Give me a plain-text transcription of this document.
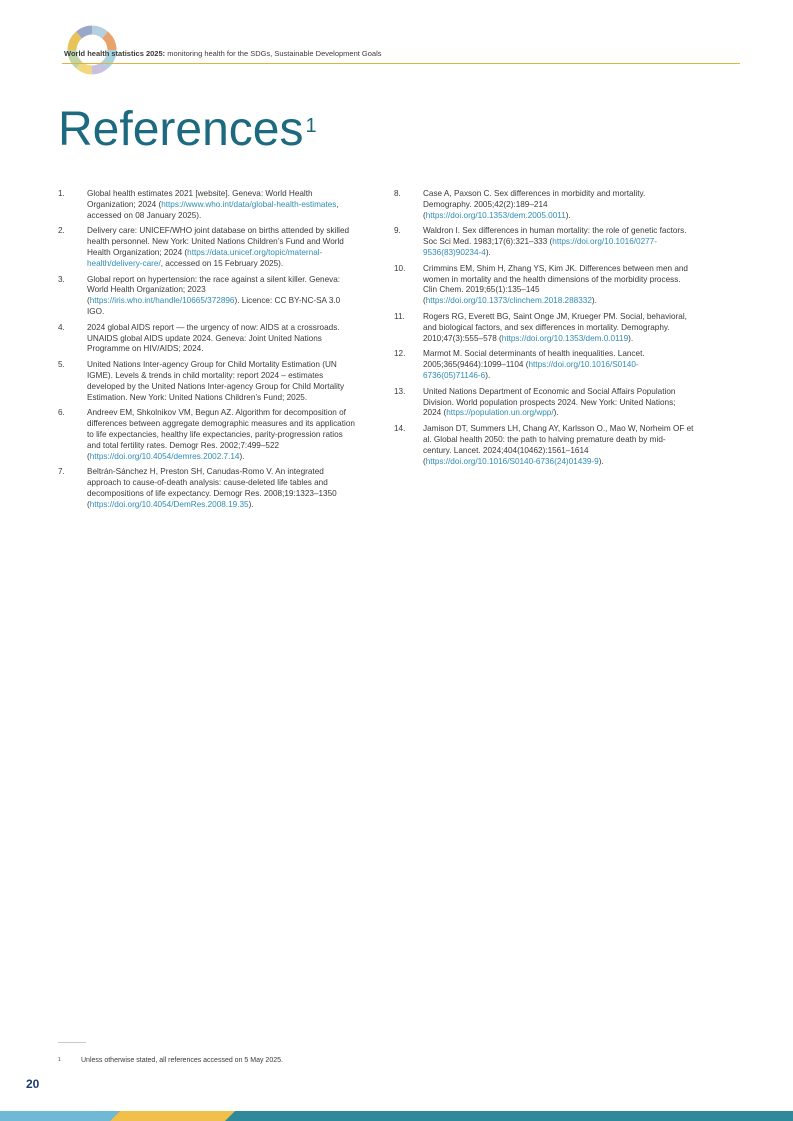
World health statistics 2025: monitoring health for the SDGs, Sustainable Development Goals
References $^1$
1.	Global health estimates 2021 [website]. Geneva: World Health Organization; 2024 (https://www.who.int/data/global-health-estimates, accessed on 08 January 2025).
2.	Delivery care: UNICEF/WHO joint database on births attended by skilled health personnel. New York: United Nations Children’s Fund and World Health Organization; 2024 (https://data.unicef.org/topic/maternal-health/delivery-care/, accessed on 15 February 2025).
3.	Global report on hypertension: the race against a silent killer. Geneva: World Health Organization; 2023 (https://iris.who.int/handle/10665/372896). Licence: CC BY-NC-SA 3.0 IGO.
4.	2024 global AIDS report — the urgency of now: AIDS at a crossroads. UNAIDS global AIDS update 2024. Geneva: Joint United Nations Programme on HIV/AIDS; 2024.
5.	United Nations Inter-agency Group for Child Mortality Estimation (UN IGME). Levels & trends in child mortality: report 2024 – estimates developed by the United Nations Inter-agency Group for Child Mortality Estimation. New York: United Nations Children’s Fund; 2025.
6.	Andreev EM, Shkolnikov VM, Begun AZ. Algorithm for decomposition of differences between aggregate demographic measures and its application to life expectancies, healthy life expectancies, parity-progression ratios and total fertility rates. Demogr Res. 2002;7:499–522 (https://doi.org/10.4054/demres.2002.7.14).
7.	Beltrán-Sánchez H, Preston SH, Canudas-Romo V. An integrated approach to cause-of-death analysis: cause-deleted life tables and decompositions of life expectancy. Demogr Res. 2008;19:1323–1350 (https://doi.org/10.4054/DemRes.2008.19.35).
8.	Case A, Paxson C. Sex differences in morbidity and mortality. Demography. 2005;42(2):189–214 (https://doi.org/10.1353/dem.2005.0011).
9.	Waldron I. Sex differences in human mortality: the role of genetic factors. Soc Sci Med. 1983;17(6):321–333 (https://doi.org/10.1016/0277-9536(83)90234-4).
10.	Crimmins EM, Shim H, Zhang YS, Kim JK. Differences between men and women in mortality and the health dimensions of the morbidity process. Clin Chem. 2019;65(1):135–145 (https://doi.org/10.1373/clinchem.2018.288332).
11.	Rogers RG, Everett BG, Saint Onge JM, Krueger PM. Social, behavioral, and biological factors, and sex differences in mortality. Demography. 2010;47(3):555–578 (https://doi.org/10.1353/dem.0.0119).
12.	Marmot M. Social determinants of health inequalities. Lancet. 2005;365(9464):1099–1104 (https://doi.org/10.1016/S0140-6736(05)71146-6).
13.	United Nations Department of Economic and Social Affairs Population Division. World population prospects 2024. New York: United Nations; 2024 (https://population.un.org/wpp/).
14.	Jamison DT, Summers LH, Chang AY, Karlsson O., Mao W, Norheim OF et al. Global health 2050: the path to halving premature death by mid-century. Lancet. 2024;404(10462):1561–1614 (https://doi.org/10.1016/S0140-6736(24)01439-9).
1	Unless otherwise stated, all references accessed on 5 May 2025.
20
